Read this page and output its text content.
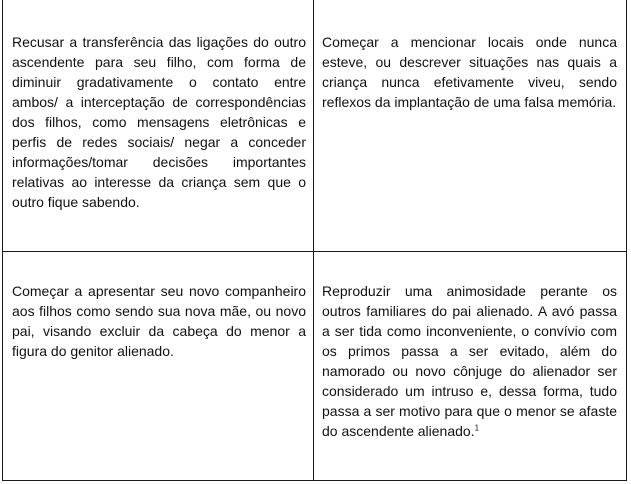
Recusar a transferência das ligações do outro ascendente para seu filho, com forma de diminuir gradativamente o contato entre ambos/ a interceptação de correspondências dos filhos, como mensagens eletrônicas e perfis de redes sociais/ negar a conceder informações/tomar decisões importantes relativas ao interesse da criança sem que o outro fique sabendo.	Começar a mencionar locais onde nunca esteve, ou descrever situações nas quais a criança nunca efetivamente viveu, sendo reflexos da implantação de uma falsa memória.

Começar a apresentar seu novo companheiro aos filhos como sendo sua nova mãe, ou novo pai, visando excluir da cabeça do menor a figura do genitor alienado.	Reproduzir uma animosidade perante os outros familiares do pai alienado. A avó passa a ser tida como inconveniente, o convívio com os primos passa a ser evitado, além do namorado ou novo cônjuge do alienador ser considerado um intruso e, dessa forma, tudo passa a ser motivo para que o menor se afaste do ascendente alienado.$^1$
